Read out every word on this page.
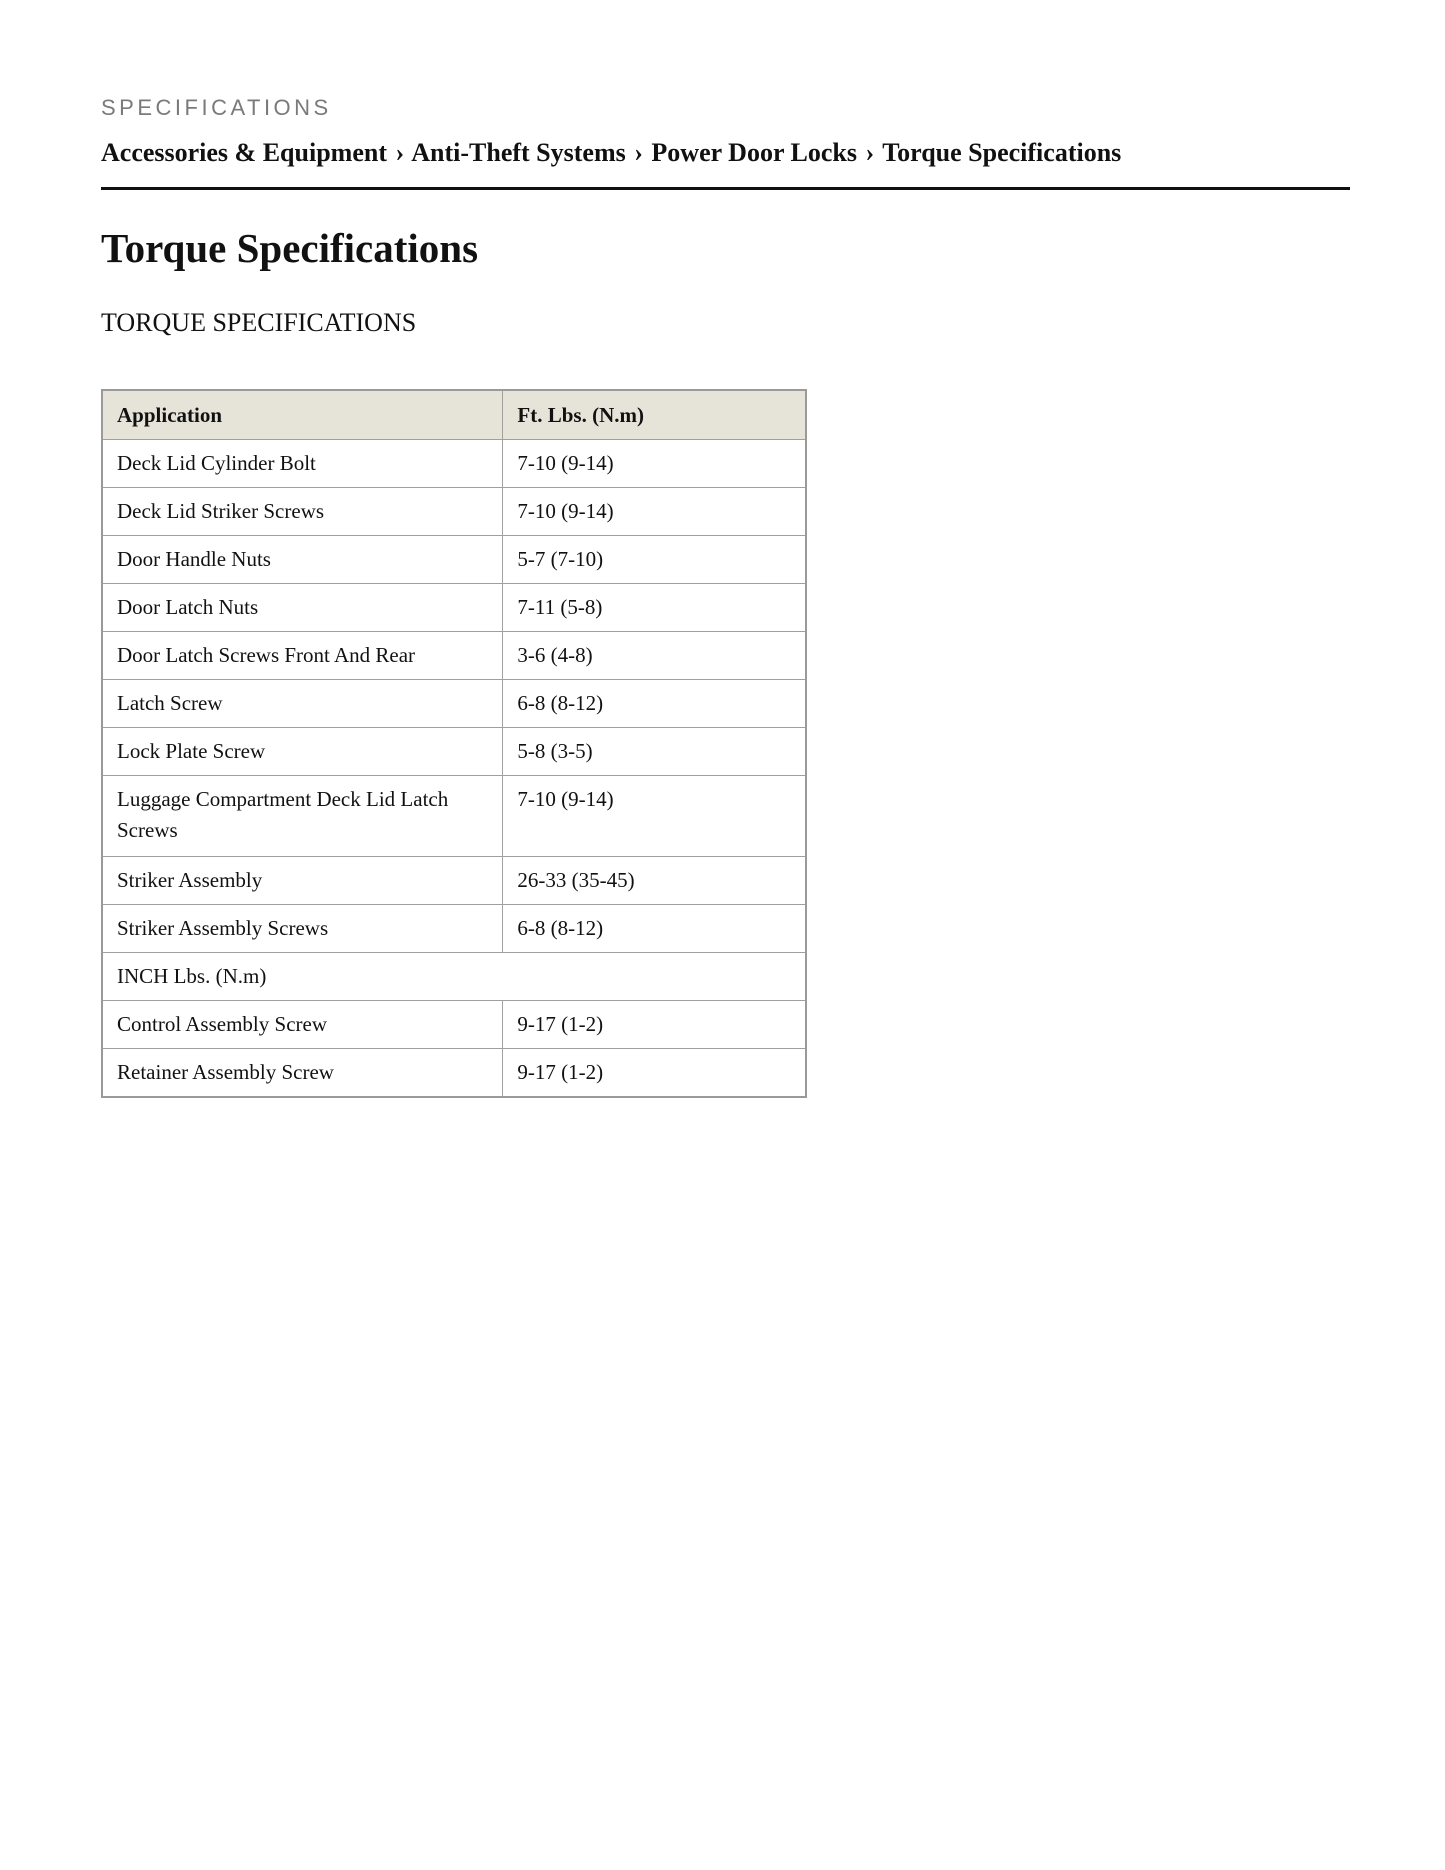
SPECIFICATIONS
Accessories & Equipment › Anti-Theft Systems › Power Door Locks › Torque Specifications
Torque Specifications
TORQUE SPECIFICATIONS
Application	Ft. Lbs. (N.m)
Deck Lid Cylinder Bolt	7-10 (9-14)
Deck Lid Striker Screws	7-10 (9-14)
Door Handle Nuts	5-7 (7-10)
Door Latch Nuts	7-11 (5-8)
Door Latch Screws Front And Rear	3-6 (4-8)
Latch Screw	6-8 (8-12)
Lock Plate Screw	5-8 (3-5)
Luggage Compartment Deck Lid Latch Screws	7-10 (9-14)
Striker Assembly	26-33 (35-45)
Striker Assembly Screws	6-8 (8-12)
INCH Lbs. (N.m)	
Control Assembly Screw	9-17 (1-2)
Retainer Assembly Screw	9-17 (1-2)
